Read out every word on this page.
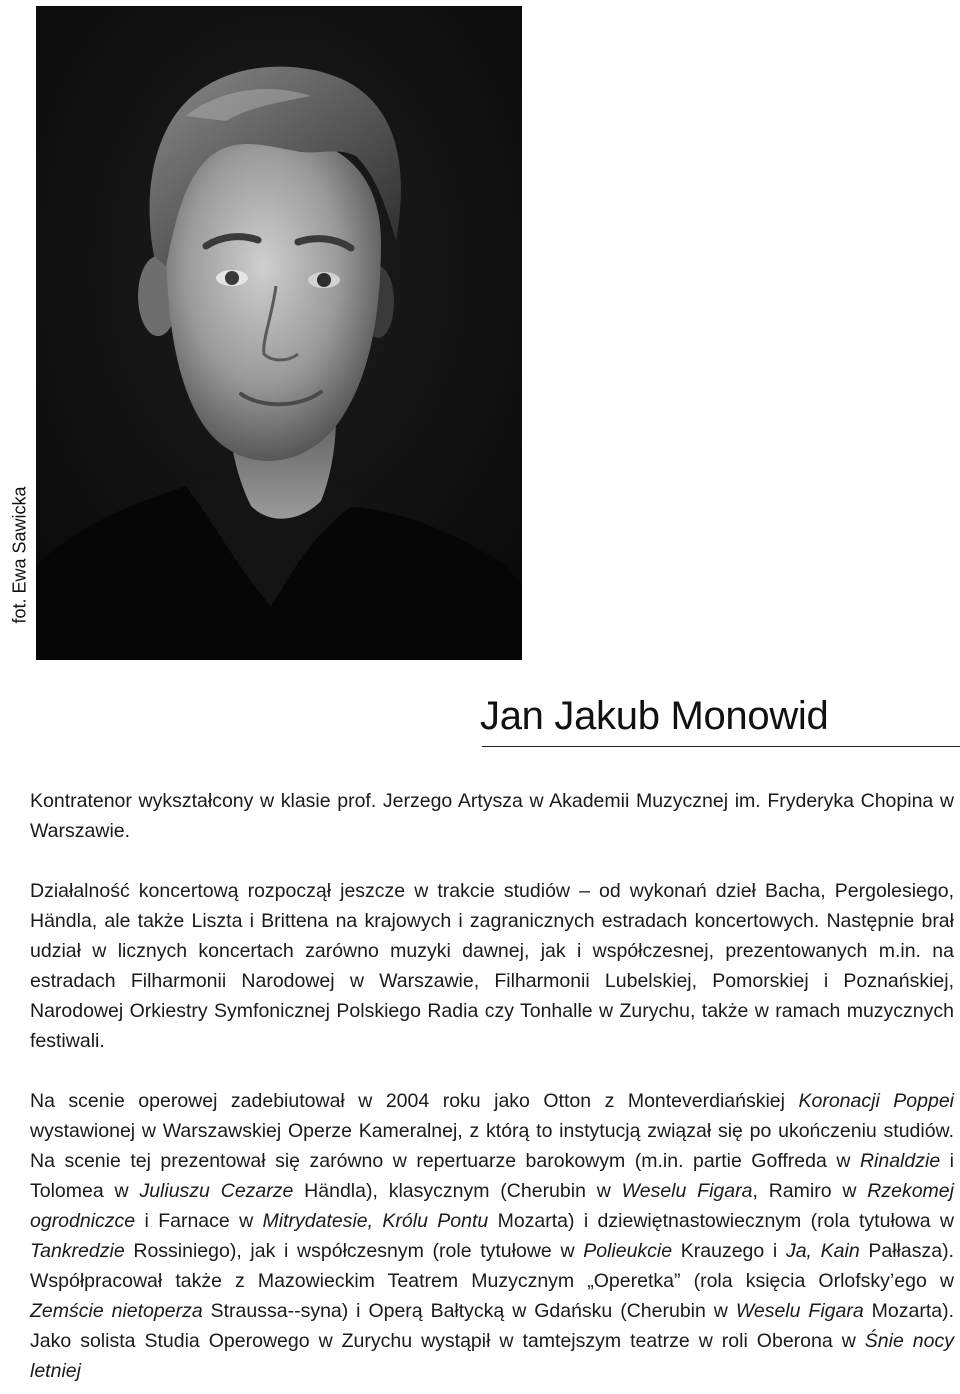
fot. Ewa Sawicka
Jan Jakub Monowid

Kontratenor wykształcony w klasie prof. Jerzego Artysza w Akademii Muzycznej im. Fryderyka Chopina w Warszawie.

Działalność koncertową rozpoczął jeszcze w trakcie studiów – od wykonań dzieł Bacha, Pergolesiego, Händla, ale także Liszta i Brittena na krajowych i zagranicznych estradach koncertowych. Następnie brał udział w licznych koncertach zarówno muzyki dawnej, jak i współczesnej, prezentowanych m.in. na estradach Filharmonii Narodowej w Warszawie, Filharmonii Lubelskiej, Pomorskiej i Poznańskiej, Narodowej Orkiestry Symfonicznej Polskiego Radia czy Tonhalle w Zurychu, także w ramach muzycznych festiwali.

Na scenie operowej zadebiutował w 2004 roku jako Otton z Monteverdiańskiej Koronacji Poppei wystawionej w Warszawskiej Operze Kameralnej, z którą to instytucją związał się po ukończeniu studiów. Na scenie tej prezentował się zarówno w repertuarze barokowym (m.in. partie Goffreda w Rinaldzie i Tolomea w Juliuszu Cezarze Händla), klasycznym (Cherubin w Weselu Figara, Ramiro w Rzekomej ogrodniczce i Farnace w Mitrydatesie, Królu Pontu Mozarta) i dziewiętnastowiecznym (rola tytułowa w Tankredzie Rossiniego), jak i współczesnym (role tytułowe w Polieukcie Krauzego i Ja, Kain Pałłasza). Współpracował także z Mazowieckim Teatrem Muzycznym „Operetka” (rola księcia Orlofsky’ego w Zemście nietoperza Straussa--syna) i Operą Bałtycką w Gdańsku (Cherubin w Weselu Figara Mozarta). Jako solista Studia Operowego w Zurychu wystąpił w tamtejszym teatrze w roli Oberona w Śnie nocy letniej
